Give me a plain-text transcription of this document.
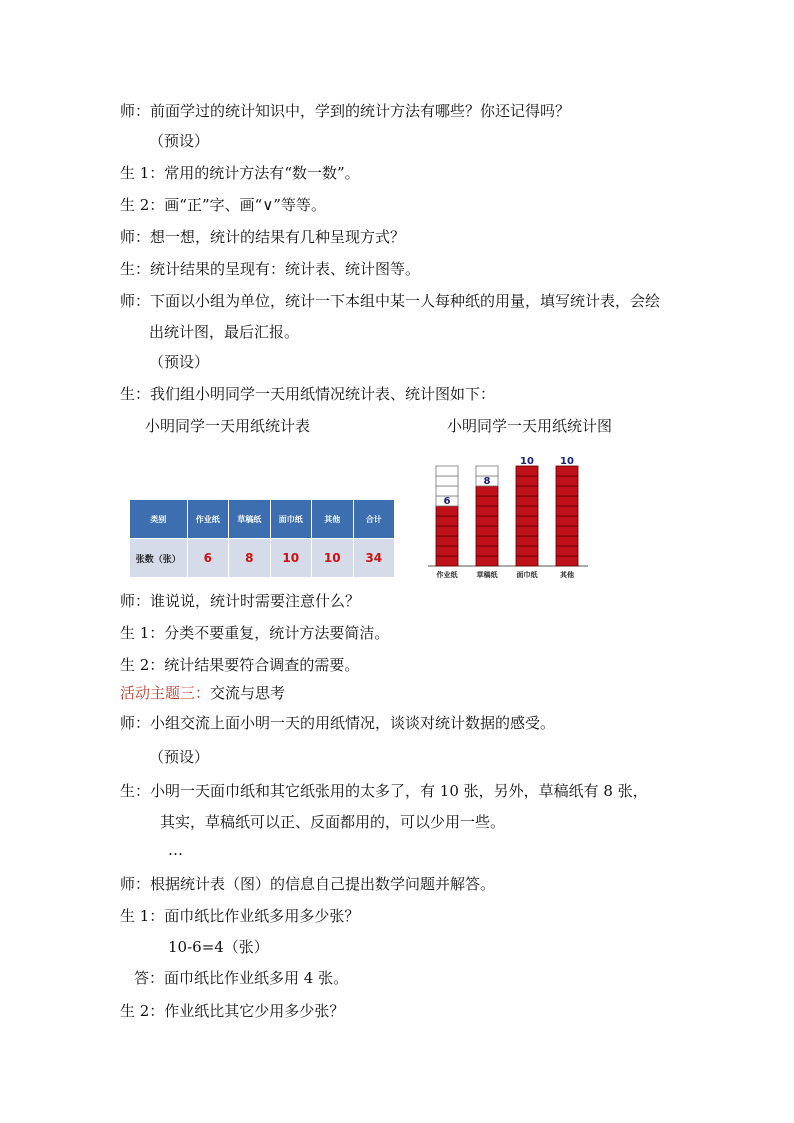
师：前面学过的统计知识中，学到的统计方法有哪些？你还记得吗？
（预设）
生 1：常用的统计方法有“数一数”。
生 2：画“正”字、画“∨”等等。
师：想一想，统计的结果有几种呈现方式？
生：统计结果的呈现有：统计表、统计图等。
师：下面以小组为单位，统计一下本组中某一人每种纸的用量，填写统计表，会绘
出统计图，最后汇报。
（预设）
生：我们组小明同学一天用纸情况统计表、统计图如下：
小明同学一天用纸统计表	小明同学一天用纸统计图
类别	作业纸	草稿纸	面巾纸	其他	合计
张数（张）	6	8	10	10	34
6
作业纸
8
草稿纸
10
面巾纸
10
其他
师：谁说说，统计时需要注意什么？
生 1：分类不要重复，统计方法要简洁。
生 2：统计结果要符合调查的需要。
活动主题三：交流与思考
师：小组交流上面小明一天的用纸情况，谈谈对统计数据的感受。
（预设）
生：小明一天面巾纸和其它纸张用的太多了，有 10 张，另外，草稿纸有 8 张，
其实，草稿纸可以正、反面都用的，可以少用一些。
…
师：根据统计表（图）的信息自己提出数学问题并解答。
生 1：面巾纸比作业纸多用多少张？
10-6=4（张）
答：面巾纸比作业纸多用 4 张。
生 2：作业纸比其它少用多少张？
